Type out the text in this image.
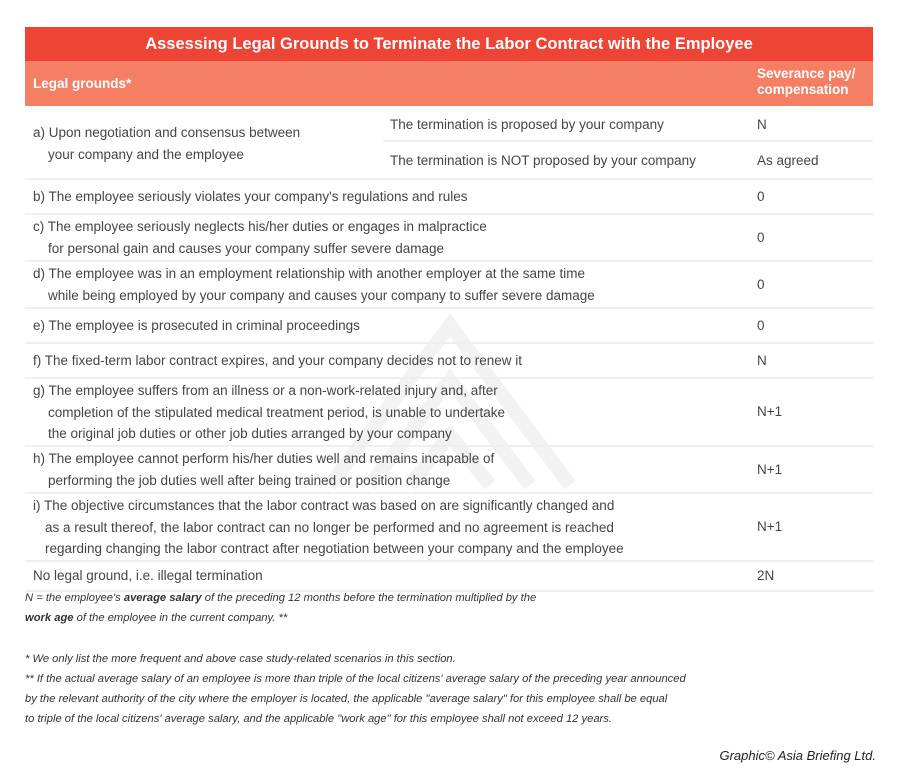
Assessing Legal Grounds to Terminate the Labor Contract with the Employee
Legal grounds*
Severance pay/
compensation
a) Upon negotiation and consensus between
your company and the employee
The termination is proposed by your company	N
The termination is NOT proposed by your company	As agreed
b) The employee seriously violates your company's regulations and rules	0
c) The employee seriously neglects his/her duties or engages in malpractice
for personal gain and causes your company suffer severe damage
0
d) The employee was in an employment relationship with another employer at the same time
while being employed by your company and causes your company to suffer severe damage
0
e) The employee is prosecuted in criminal proceedings	0
f) The fixed-term labor contract expires, and your company decides not to renew it	N
g) The employee suffers from an illness or a non-work-related injury and, after
completion of the stipulated medical treatment period, is unable to undertake
the original job duties or other job duties arranged by your company
N+1
h) The employee cannot perform his/her duties well and remains incapable of
performing the job duties well after being trained or position change
N+1
i) The objective circumstances that the labor contract was based on are significantly changed and
as a result thereof, the labor contract can no longer be performed and no agreement is reached
regarding changing the labor contract after negotiation between your company and the employee
N+1
No legal ground, i.e. illegal termination	2N
N = the employee's average salary of the preceding 12 months before the termination multiplied by the
work age of the employee in the current company. **
* We only list the more frequent and above case study-related scenarios in this section.
** If the actual average salary of an employee is more than triple of the local citizens' average salary of the preceding year announced
by the relevant authority of the city where the employer is located, the applicable "average salary" for this employee shall be equal
to triple of the local citizens' average salary, and the applicable "work age" for this employee shall not exceed 12 years.
Graphic© Asia Briefing Ltd.
